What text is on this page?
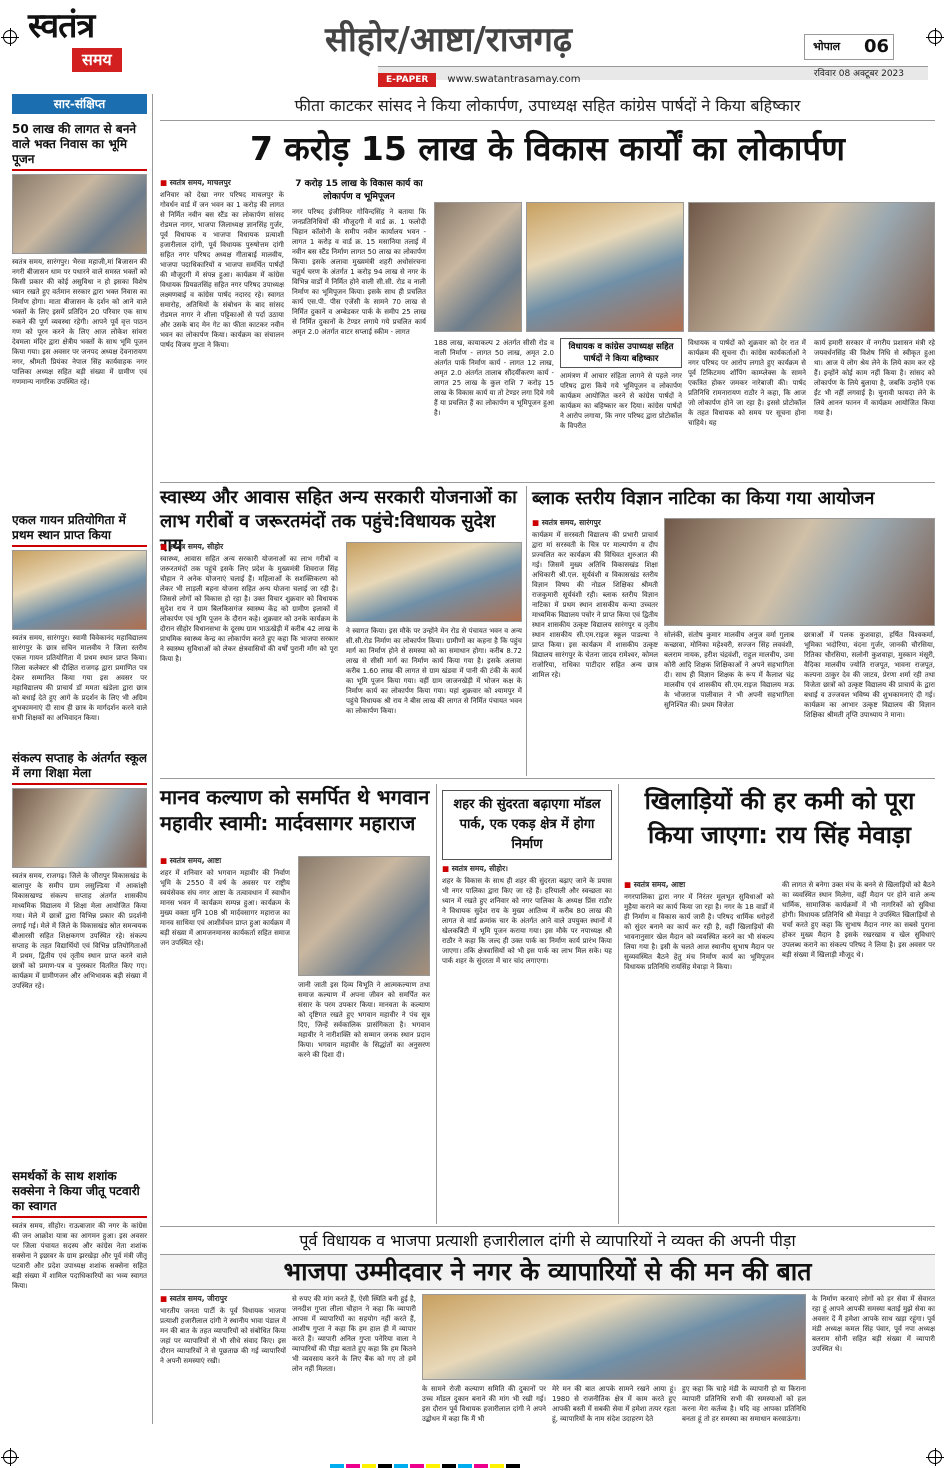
स्वतंत्र
समय	सीहोर/आष्टा/राजगढ़
E-PAPER www.swatantrasamay.com	रविवार 08 अक्टूबर 2023
भोपाल 06
सार-संक्षिप्त
50 लाख की लागत से बनने वाले भक्त निवास का भूमि पूजन
स्वतंत्र समय, सारंगपुर। भैरवा महाजी,मां बिजासन की नगरी बीजासन धाम पर पधारने वाले समस्त भक्तों को किसी प्रकार की कोई असुविधा न हो इसका विशेष ध्यान रखते हुए वर्तमान सरकार द्वारा भक्त निवास का निर्माण होगा। माता बीजासन के दर्शन को आने वाले भक्तों के लिए इसमें प्रतिदिन 20 परिवार एक साथ रुकने की पूर्ण व्यवस्था रहेगी। आपने पूर्व वृत्त पाठन गण को पूरन करने के लिए आज लोकेश सांवरा देवमला मंदिर द्वारा क्षेत्रीय भक्तों के साथ भूमि पूजन किया गया। इस अवसर पर जनपद अध्यक्ष देवनारायण नगर, श्रीमती प्रियंका नेपाल सिंह कार्यवाहक नगर पालिका अध्यक्ष सहित बड़ी संख्या में ग्रामीण एवं गणमान्य नागरिक उपस्थित रहे।
एकल गायन प्रतियोगिता में प्रथम स्थान प्राप्त किया
स्वतंत्र समय, सारंगपुर। स्वामी विवेकानंद महाविद्यालय सारंगपुर के छात्र सचिन मालवीय ने जिला स्तरीय एकल गायन प्रतियोगिता में प्रथम स्थान प्राप्त किया। जिला कलेक्टर श्री दीक्षित राजगढ़ द्वारा प्रमाणित पत्र देकर सम्मानित किया गया इस अवसर पर महाविद्यालय की प्राचार्य डॉ ममता खंडेला द्वारा छात्र को बधाई देते हुए आगे के प्रदर्शन के लिए भी अग्रिम शुभकामनाएं दी साथ ही छात्र के मार्गदर्शन करने वाले सभी शिक्षकों का अभिवादन किया।
संकल्प सप्ताह के अंतर्गत स्कूल में लगा शिक्षा मेला
स्वतंत्र समय, राजगढ़। जिले के जीरापुर विकासखंड के बालापुर के समीप ग्राम लसुल्डिया में आकांक्षी विकासखण्ड संकल्प सप्ताह अंतर्गत शासकीय माध्यमिक विद्यालय में शिक्षा मेला आयोजित किया गया। मेले में छात्रों द्वारा विभिन्न प्रकार की प्रदर्शनी लगाई गई। मेले में जिले के विकासखंड स्रोत समन्वयक बीआरसी सहित शिक्षकगण उपस्थित रहे। संकल्प सप्ताह के तहत विद्यार्थियों एवं विभिन्न प्रतियोगिताओं में प्रथम, द्वितीय एवं तृतीय स्थान प्राप्त करने वाले छात्रों को प्रमाण-पत्र व पुरस्कार वितरित किए गए। कार्यक्रम में ग्रामीणजन और अभिभावक बड़ी संख्या में उपस्थित रहे।
समर्थकों के साथ शशांक सक्सेना ने किया जीतू पटवारी का स्वागत
स्वतंत्र समय, सीहोर। राऊबाजार की नगर के कांग्रेस की जन आक्रोश यात्रा का आगमन हुआ। इस अवसर पर जिला पंचायत सदस्य और कांग्रेस नेता शशांक सक्सेना ने इछावर के ग्राम झरखेड़ा और पूर्व मंत्री जीतू पटवारी और प्रदेश उपाध्यक्ष शशांक सक्सेना सहित बड़ी संख्या में शामिल पदाधिकारियों का भव्य स्वागत किया।
फीता काटकर सांसद ने किया लोकार्पण, उपाध्यक्ष सहित कांग्रेस पार्षदों ने किया बहिष्कार
7 करोड़ 15 लाख के विकास कार्यों का लोकार्पण
■ स्वतंत्र समय, माचलपुर
शनिवार को देखा नगर परिषद माचलपुर के गोवर्धन वार्ड में जन भवन का 1 करोड़ की लागत से निर्मित नवीन बस स्टैंड का लोकार्पण सांसद रोडमल नागर, भाजपा जिलाध्यक्ष ज्ञानसिंह गुर्जर, पूर्व विधायक व भाजपा विधायक प्रत्याशी हजारीलाल दांगी, पूर्व विधायक पुरुषोत्तम दांगी सहित नगर परिषद अध्यक्ष गीताबाई मालवीय, भाजपा पदाधिकारियों व भाजपा समर्थित पार्षदों की मौजूदगी में संपन्न हुआ। कार्यक्रम में कांग्रेस विधायक प्रियव्रतसिंह सहित नगर परिषद उपाध्यक्ष लक्ष्मणबाई व कांग्रेस पार्षद नदारद रहे। स्वागत समारोह, अतिथियों के संबोधन के बाद सांसद रोडमल नागर ने शीला पट्टिकाओं से पर्दा उठाया और उसके बाद मेन गेट का फीता काटकर नवीन भवन का लोकार्पण किया। कार्यक्रम का संचालन पार्षद विजय गुप्ता ने किया।
7 करोड़ 15 लाख के विकास कार्य का लोकार्पण व भूमिपूजन
नगर परिषद इंजीनियर गोविन्दसिंह ने बताया कि जनप्रतिनिधियों की मौजूदगी में वार्ड क्र. 1 फलोदी चिहान कॉलोनी के समीप नवीन कार्यालय भवन - लागत 1 करोड़ व वार्ड क्र. 15 मसानिया तलाई में नवीन बस स्टैंड निर्माण लागत 50 लाख का लोकार्पण किया। इसके अलावा मुख्यमंत्री शहरी अधोसंरचना चतुर्थ चरण के अंतर्गत 1 करोड़ 94 लाख से नगर के विभिन्न वार्डों में निर्मित होने वाली सी.सी. रोड व नाली निर्माण का भूमिपूजन किया। इसके साथ ही प्रचलित कार्य एस.पी. पीस एजेंसी के सामने 70 लाख से निर्मित दुकानें व अम्बेडकर पार्क के समीप 25 लाख से निर्मित दुकानों के टेण्डर लगाये गये प्रचलित कार्य अमृत 2.0 अंतर्गत वाटर सप्लाई स्कीम - लागत
188 लाख, कायाकल्प 2 अंतर्गत सीसी रोड व नाली निर्माण - लागत 50 लाख, अमृत 2.0 अंतर्गत पार्क निर्माण कार्य - लागत 12 लाख, अमृत 2.0 अंतर्गत तालाब सौंदर्यीकरण कार्य - लागत 25 लाख के कुल राशि 7 करोड़ 15 लाख के विकास कार्य या तो टेण्डर लगा दिये गये हैं या प्रचलित हैं का लोकार्पण व भूमिपूजन हुआ है।
विधायक व कांग्रेस उपाध्यक्ष सहित पार्षदों ने किया बहिष्कार
आमंत्रण में आचार संहिता लागने से पहले नगर परिषद द्वारा किये गये भूमिपूजन व लोकार्पण कार्यक्रम आयोजित करने से कांग्रेस पार्षदों ने कार्यक्रम का बहिष्कार कर दिया। कांग्रेस पार्षदों ने आरोप लगाया, कि नगर परिषद द्वारा प्रोटोकॉल के विपरीत
विधायक व पार्षदों को शुक्रवार को देर रात में कार्यक्रम की सूचना दी। कांग्रेस कार्यकर्ताओं ने नगर परिषद पर आरोप लगाते हुए कार्यक्रम से पूर्व टिकिटमय शॉपिंग काम्प्लेक्स के सामने एकत्रित होकर जमकर नारेबाजी की। पार्षद प्रतिनिधि रामनारायण राठौर ने कहा, कि आज जो लोकार्पण होने जा रहा है। इससे प्रोटोकॉल के तहत विधायक को समय पर सूचना होना चाहिये। यह
कार्य हमारी सरकार में नगरीय प्रशासन मंत्री रहे जयवर्धनसिंह की विशेष निधि से स्वीकृत हुआ था। आज ये लोग श्रेय लेने के लिये काम कर रहे हैं। इन्होंने कोई काम नहीं किया है। सांसद को लोकार्पण के लिये बुलाया है, जबकि उन्होंने एक ईंट भी नहीं लगवाई है। चुनावी फायदा लेने के लिये आनन फानन में कार्यक्रम आयोजित किया गया है।
स्वास्थ्य और आवास सहित अन्य सरकारी योजनाओं का लाभ गरीबों व जरूरतमंदों तक पहुंचे:विधायक सुदेश राय
■ स्वतंत्र समय, सीहोर
स्वास्थ्य, आवास सहित अन्य सरकारी योजनाओं का लाभ गरीबों व जरूरतमंदों तक पहुंचे इसके लिए प्रदेश के मुख्यमंत्री शिवराज सिंह चौहान ने अनेक योजनाएं चलाई हैं। महिलाओं के सशक्तिकरण को लेकर भी लाड़ली बहना योजना सहित अन्य योजना चलाई जा रही है। जिससे लोगों को विकास हो रहा है। उक्त विचार शुक्रवार को विधायक सुदेश राय ने ग्राम बिलकिसगंज स्वास्थ्य केंद्र को ग्रामीण इलाकों में लोकार्पण एवं भूमि पूजन के दौरान कहे। शुक्रवार को उनके कार्यक्रम के दौरान सीहोर विधानसभा के दूरस्थ ग्राम भाऊखेड़ी में करीब 42 लाख के प्राथमिक स्वास्थ्य केन्द्र का लोकार्पण करते हुए कहा कि भाजपा सरकार ने स्वास्थ्य सुविधाओं को लेकर क्षेत्रवासियों की वर्षों पुरानी माँग को पूरा किया है।
ने स्वागत किया। इस मौके पर उन्होंने मेन रोड से पंचायत भवन व अन्य सी.सी.रोड निर्माण का लोकार्पण किया। ग्रामीणों का कहना है कि पहुंच मार्ग का निर्माण होने से समस्या को का समाधान होगा। करीब 8.72 लाख से सीसी मार्ग का निर्माण कार्य किया गया है। इसके अलावा करीब 1.60 लाख की लागत से ग्राम खंडवा में पानी की टंकी के कार्य का भूमि पूजन किया गया। वहीं ग्राम जाजनखेड़ी में भोजन कक्ष के निर्माण कार्य का लोकार्पण किया गया। यहां शुक्रवार को श्यामपुर में पहुंचे विधायक श्री राय ने बीस लाख की लागत से निर्मित पंचायत भवन का लोकार्पण किया।
ब्लाक स्तरीय विज्ञान नाटिका का किया गया आयोजन
■ स्वतंत्र समय, सारंगपुर
कार्यक्रम में सरस्वती विद्यालय की प्रभारी प्राचार्य द्वारा मां सरस्वती के चित्र पर माल्यार्पण व दीप प्रज्वलित कर कार्यक्रम की विधिवत शुरुआत की गई। जिसमें मुख्य अतिथि विकासखंड शिक्षा अधिकारी श्री.एल. सूर्यवंशी व विकासखंड स्तरीय विज्ञान विषय की नोडल शिक्षिका श्रीमती राजकुमारी सूर्यवंशी रही। ब्लाक स्तरीय विज्ञान नाटिका में प्रथम स्थान शासकीय कन्या उच्चतर माध्यमिक विद्यालय पचोर ने प्राप्त किया एवं द्वितीय स्थान शासकीय उत्कृष्ट विद्यालय सारंगपुर व तृतीय स्थान शासकीय सी.एम.राइज स्कूल पाडल्या ने प्राप्त किया। इस कार्यक्रम में शासकीय उत्कृष्ट विद्यालय सारंगपुर के चेतना जादव रामेश्वर, कोमल राजोरिया, राधिका पाटीदार सहित अन्य छात्र शामिल रहे।
सोलंकी, संतोष कुमार मालवीय अनुज वर्मा गुलाब कच्छावा, मोनिका महेश्वरी, सज्जन सिंह लववंशी, बलराम नायक, हरीश चंद्रवंशी, राहुल मालवीय, उमा कोरी आदि शिक्षक शिक्षिकाओं ने अपने सहभागिता दी। साथ ही विज्ञान शिक्षक के रूप में कैलाश चंद्र मालवीय एवं शासकीय सी.एम.राइज विद्यालय मऊ के भोजराज पालीवाल ने भी अपनी सहभागिता सुनिश्चित की। प्रथम विजेता
छात्राओं में पलक कुशवाहा, हर्षित विश्वकर्मा, भूमिका भदोरिया, वंदना गुर्जर, जानकी चौरसिया, रितिका चौरसिया, सलोनी कुशवाहा, मुस्कान मंसूरी, वैदिका मालवीय ज्योति राजपूत, भावना राजपूत, कल्पना ठाकुर देव की जाटव, प्रेरणा शर्मा रही तथा विजेता छात्रों को उत्कृष्ट विद्यालय की प्राचार्य के द्वारा बधाई व उज्जवल भविष्य की शुभकामनाएं दी गई। कार्यक्रम का आभार उत्कृष्ट विद्यालय की विज्ञान शिक्षिका श्रीमती तृप्ति उपाध्याय ने माना।
मानव कल्याण को समर्पित थे भगवान महावीर स्वामी: मार्दवसागर महाराज
■ स्वतंत्र समय, आष्टा
शहर में शनिवार को भगवान महावीर की निर्वाण भूमि के 2550 वें वर्ष के अवसर पर राष्ट्रीय स्वयंसेवक संघ नगर आष्टा के तत्वावधान में स्वाधीन मानस भवन में कार्यक्रम सम्पन्न हुआ। कार्यक्रम के मुख्य वक्ता मुनि 108 श्री मार्दवसागर महाराज का मानव साथिया एवं आशीर्वचन प्राप्त हुआ कार्यक्रम में बड़ी संख्या में आमजनमानस कार्यकर्ता सहित समाज जन उपस्थित रहे।
जानी जाती इस दिव्य विभूति ने आत्मकल्याण तथा समाज कल्याण में अपना जीवन को समर्पित कर संसार के परम उपकार किया। मानवता के कल्याण को दृष्टिगत रखते हुए भगवान महावीर ने पंच सूत्र दिए, जिन्हें सर्वकालिक प्रासंगिकता है। भगवान महावीर ने नारीशक्ति को सम्मान जनक स्थान प्रदान किया। भगवान महावीर के सिद्धांतों का अनुसरण करने की दिशा दी।
शहर की सुंदरता बढ़ाएगा मॉडल पार्क, एक एकड़ क्षेत्र में होगा निर्माण
■ स्वतंत्र समय, सीहोर।
शहर के विकास के साथ ही शहर की सुंदरता बढ़ाए जाने के प्रयास भी नगर पालिका द्वारा किए जा रहे हैं। हरियाली और स्वच्छता का ध्यान में रखते हुए शनिवार को नगर पालिका के अध्यक्ष प्रिंस राठौर ने विधायक सुदेश राय के मुख्य आतिथ्य में करीब 80 लाख की लागत से वार्ड क्रमांक चार के अंतर्गत आने वाले उपयुक्त स्थानों में खेलकबिटी में भूमि पूजन कराया गया। इस मौके पर नपाध्यक्ष श्री राठौर ने कहा कि जल्द ही उक्त पार्क का निर्माण कार्य प्रारंभ किया जाएगा। तकि क्षेत्रवासियों को भी इस पार्क का लाभ मिल सके। यह पार्क शहर के सुंदरता में चार चांद लगाएगा।
खिलाड़ियों की हर कमी को पूरा किया जाएगा: राय सिंह मेवाड़ा
■ स्वतंत्र समय, आष्टा
नगरपालिका द्वारा नगर में निरंतर मूलभूत सुविधाओं को मुहैया कराने का कार्य किया जा रहा है। नगर के 18 वार्डों में ही निर्माण व विकास कार्य जारी है। परिषद धार्मिक धरोहरों को सुंदर बनाने का कार्य कर रही है, वहीं खिलाड़ियों की भावनानुसार खेल मैदान को व्यवस्थित करने का भी संकल्प लिया गया है। इसी के चलते आज स्थानीय सुभाष मैदान पर सुव्यवस्थित बैठने हेतु मंच निर्माण कार्य का भूमिपूजन विधायक प्रतिनिधि रायसिंह मेवाड़ा ने किया।
की लागत से बनेगा उक्त मंच के बनने से खिलाड़ियों को बैठने का व्यवस्थित स्थान मिलेगा, वहीं मैदान पर होने वाले अन्य धार्मिक, सामाजिक कार्यक्रमों में भी नागरिकों को सुविधा होगी। विधायक प्रतिनिधि श्री मेवाड़ा ने उपस्थित खिलाड़ियों से चर्चा करते हुए कहा कि सुभाष मैदान नगर का सबसे पुराना होकर मुख्य मैदान है इसके रखरखाव व खेल सुविधाएं उपलब्ध कराने का संकल्प परिषद ने लिया है। इस अवसर पर बड़ी संख्या में खिलाड़ी मौजूद थे।
पूर्व विधायक व भाजपा प्रत्याशी हजारीलाल दांगी से व्यापारियों ने व्यक्त की अपनी पीड़ा
भाजपा उम्मीदवार ने नगर के व्यापारियों से की मन की बात
■ स्वतंत्र समय, जीरापुर
भारतीय जनता पार्टी के पूर्व विधायक भाजपा प्रत्याशी हजारीलाल दांगी ने स्थानीय भावा पंडाल में मन की बात के तहत व्यापारियों को संबोधित किया जहां पर व्यापारियों से भी सीधे संवाद किए। इस दौरान व्यापारियों ने से पूछताछ की गई व्यापारियों ने अपनी समस्याएं रखी।
से रुपए की मांग करते हैं, ऐसी स्थिति बनी हुई है, जनदीश गुप्ता लीला चौहान ने कहा कि व्यापारी आपस में व्यापारियों का सहयोग नहीं करते हैं, आशीष गुप्ता ने कहा कि हम हाल ही में व्यापार करते हैं। व्यापारी अनिल गुप्ता पनेरिया वाला ने व्यापारियों की पीड़ा बताते हुए कहा कि हम कितने भी व्यवसाय करने के लिए बैंक को गए तो हमें लोन नहीं मिलता।
के सामने रोजी कल्याण समिति की दुकानों पर उच्च मॉडल दुकान बनाने की मांग भी रखी गई। इस दौरान पूर्व विधायक हजारीलाल दांगी ने अपने उद्बोधन में कहा कि मैं भी
मेरे मन की बात आपके सामने रखने आया हूं। 1980 से राजनीतिक क्षेत्र में काम करते हुए आपकी बस्ती में सबकी सेवा में हमेशा तत्पर रहता हूं, व्यापारियों के नाम संदेश उदाहरण देते
हुए कहा कि चाहे मंडी के व्यापारी हो या किराना व्यापारी प्रतिनिधि सभी की समस्याओं को हल करना मेरा कर्तव्य है। यदि वह आपका प्रतिनिधि बनता हूं तो हर समस्या का समाधान करवाऊंगा।
के निर्माण करवाएं लोगों को हर सेवा में सेवारत रहा हूं आपने आपकी समस्या बताई मुझे सेवा का अवसर दें मैं हमेशा आपके साथ खड़ा रहूंगा। पूर्व मंडी अध्यक्ष कमल सिंह पंवार, पूर्व नपा अध्यक्ष बलराम सोनी सहित बड़ी संख्या में व्यापारी उपस्थित थे।
